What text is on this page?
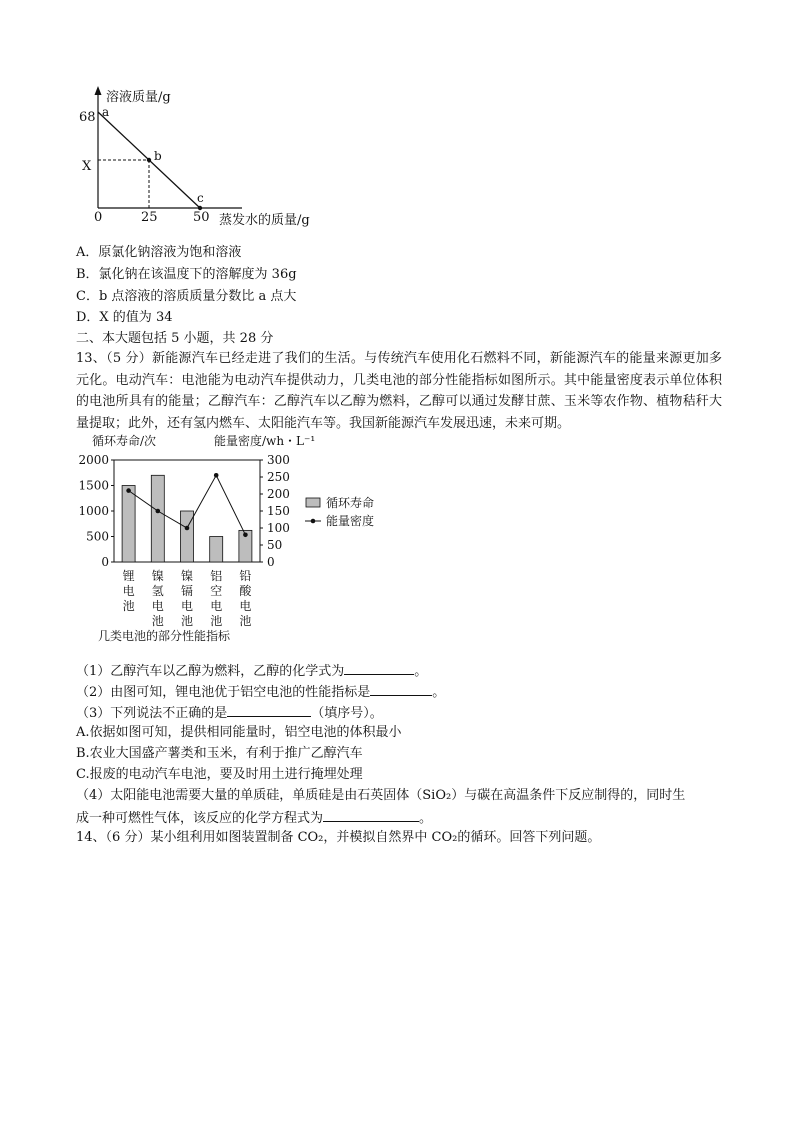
溶液质量/g
68 a
X
b
c
0	25	50 蒸发水的质量/g
A．原氯化钠溶液为饱和溶液
B．氯化钠在该温度下的溶解度为 36g
C．b 点溶液的溶质质量分数比 a 点大
D．X 的值为 34
二、本大题包括 5 小题，共 28 分
13、（5 分）新能源汽车已经走进了我们的生活。与传统汽车使用化石燃料不同，新能源汽车的能量来源更加多元化。电动汽车：电池能为电动汽车提供动力，几类电池的部分性能指标如图所示。其中能量密度表示单位体积的电池所具有的能量；乙醇汽车：乙醇汽车以乙醇为燃料，乙醇可以通过发酵甘蔗、玉米等农作物、植物秸秆大量提取；此外，还有氢内燃车、太阳能汽车等。我国新能源汽车发展迅速，未来可期。
循环寿命/次	能量密度/wh・L⁻¹
0
500
1000
1500
2000
0
50
100
150
200
250
300
锂电池
镍氢电池
镍镉电池
铝空电池
铅酸电池
循环寿命
能量密度
几类电池的部分性能指标
（1）乙醇汽车以乙醇为燃料，乙醇的化学式为	。
（2）由图可知，锂电池优于铝空电池的性能指标是	。
（3）下列说法不正确的是	（填序号）。
A.依据如图可知，提供相同能量时，铝空电池的体积最小
B.农业大国盛产薯类和玉米，有利于推广乙醇汽车
C.报废的电动汽车电池，要及时用土进行掩埋处理
（4）太阳能电池需要大量的单质硅，单质硅是由石英固体（SiO₂）与碳在高温条件下反应制得的，同时生
成一种可燃性气体，该反应的化学方程式为	。
14、（6 分）某小组利用如图装置制备 CO₂，并模拟自然界中 CO₂的循环。回答下列问题。
